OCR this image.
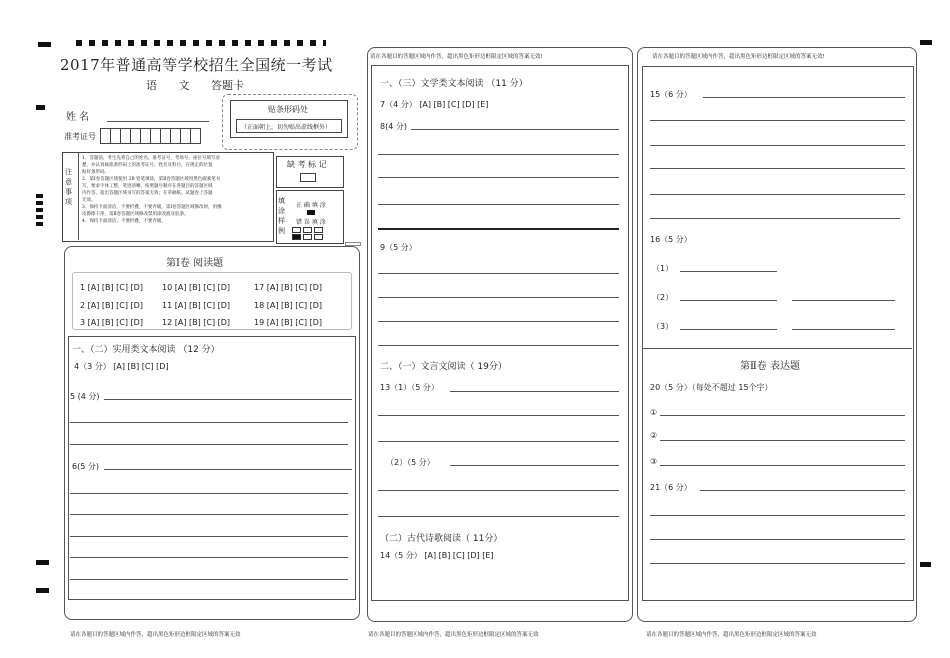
2017年普通高等学校招生全国统一考试
语 文 答题卡
姓 名
准考证号
贴条形码处
（正面朝上，切勿贴出虚线框外）
注
意
事
项
1．答题前，考生先将自己的姓名、准考证号、考场号、座位号填写清
楚，并认真核准条形码上的准考证号、姓名及科目，在规定的位置
贴好条形码。
2．第Ⅰ卷答题区域使用 2B 铅笔填涂，第Ⅱ卷答题区域用黑色碳素笔书
写，要求字体工整，笔迹清晰。按照题号顺序在各题目的答题区域
内作答，超出答题区域书写的答案无效；在草稿纸、试题卷上答题
无效。
3．保持卡面清洁，不要折叠，不要弄破，第Ⅰ卷答题区域修改时，用橡
皮擦擦干净，第Ⅱ卷答题区域修改禁用涂改液及胶条。
4．保持卡面清洁，不要折叠，不要弄破。
缺 考 标 记
填
涂
样
例
正 确 填 涂
错 误 填 涂
第Ⅰ卷 阅读题
1 [A] [B] [C] [D]	10 [A] [B] [C] [D]	17 [A] [B] [C] [D]
2 [A] [B] [C] [D]	11 [A] [B] [C] [D]	18 [A] [B] [C] [D]
3 [A] [B] [C] [D]	12 [A] [B] [C] [D]	19 [A] [B] [C] [D]
一、（二）实用类文本阅读 （12 分）
4（3 分） [A] [B] [C] [D]
5 (4 分)
6(5 分)
请在各题目的答题区域内作答，超出黑色矩形边框限定区域的答案无效!
一、（三）文学类文本阅读 （11 分）
7（4 分） [A] [B] [C] [D] [E]
8(4 分)
9（5 分）
二、（一）文言文阅读（ 19分）
13（1）（5 分）
（2）（5 分）
（二）古代诗歌阅读（ 11分）
14（5 分） [A] [B] [C] [D] [E]
请在各题目的答题区域内作答，超出黑色矩形边框限定区域的答案无效!
15（6 分）
16（5 分）
（1）
（2）
（3）
第Ⅱ卷 表达题
20（5 分）（每处不超过 15个字）
①
②
③
21（6 分）
请在各题目的答题区域内作答，超出黑色矩形边框限定区域的答案无效	请在各题目的答题区域内作答，超出黑色矩形边框限定区域的答案无效	请在各题目的答题区域内作答，超出黑色矩形边框限定区域的答案无效
